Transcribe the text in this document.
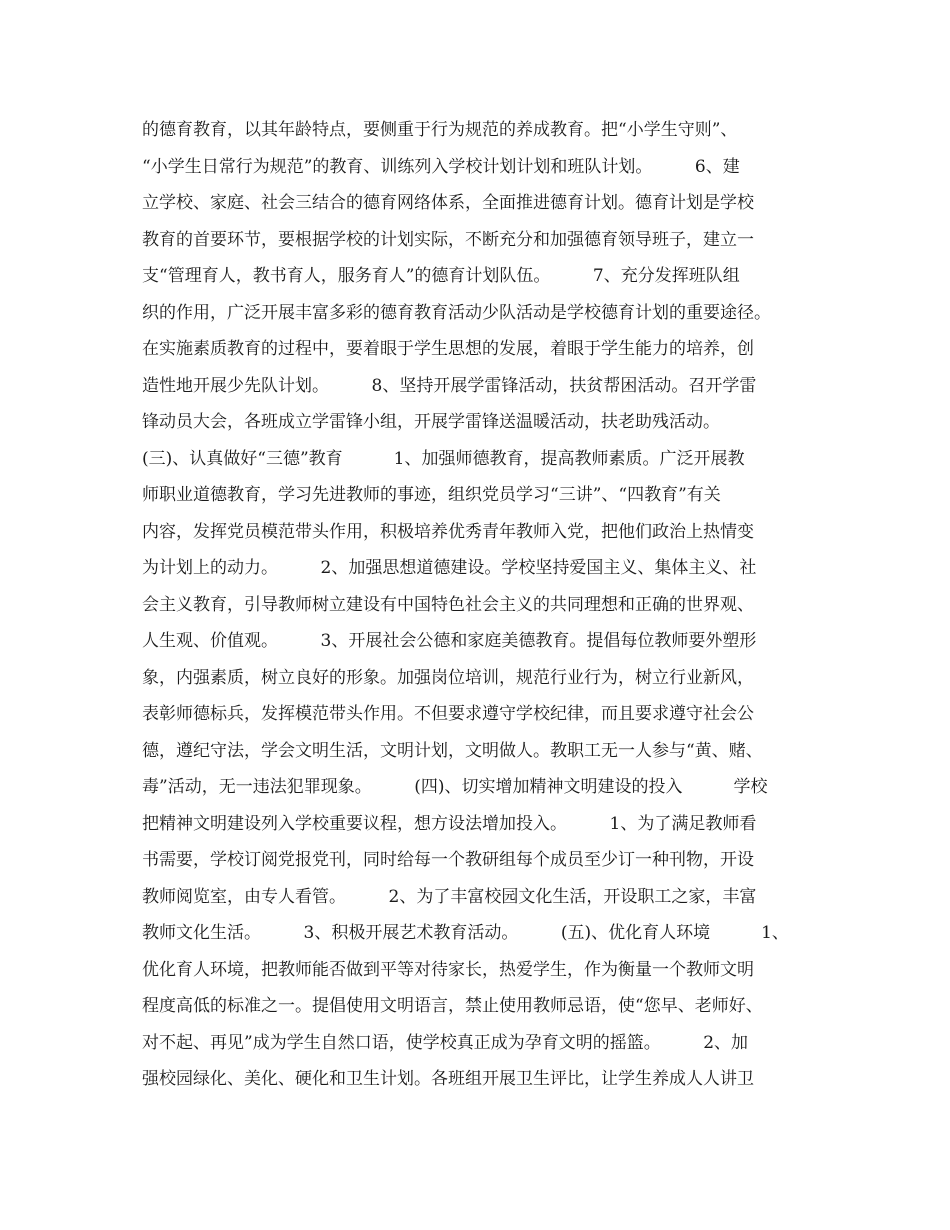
的德育教育，以其年龄特点，要侧重于行为规范的养成教育。把“小学生守则”、
“小学生日常行为规范”的教育、训练列入学校计划计划和班队计划。　　　6、建
立学校、家庭、社会三结合的德育网络体系，全面推进德育计划。德育计划是学校
教育的首要环节，要根据学校的计划实际，不断充分和加强德育领导班子，建立一
支“管理育人，教书育人，服务育人”的德育计划队伍。　　　7、充分发挥班队组
织的作用，广泛开展丰富多彩的德育教育活动少队活动是学校德育计划的重要途径。
在实施素质教育的过程中，要着眼于学生思想的发展，着眼于学生能力的培养，创
造性地开展少先队计划。　　　8、坚持开展学雷锋活动，扶贫帮困活动。召开学雷
锋动员大会，各班成立学雷锋小组，开展学雷锋送温暖活动，扶老助残活动。
(三)、认真做好“三德”教育　　　1、加强师德教育，提高教师素质。广泛开展教
师职业道德教育，学习先进教师的事迹，组织党员学习“三讲”、“四教育”有关
内容，发挥党员模范带头作用，积极培养优秀青年教师入党，把他们政治上热情变
为计划上的动力。　　　2、加强思想道德建设。学校坚持爱国主义、集体主义、社
会主义教育，引导教师树立建设有中国特色社会主义的共同理想和正确的世界观、
人生观、价值观。　　　3、开展社会公德和家庭美德教育。提倡每位教师要外塑形
象，内强素质，树立良好的形象。加强岗位培训，规范行业行为，树立行业新风，
表彰师德标兵，发挥模范带头作用。不但要求遵守学校纪律，而且要求遵守社会公
德，遵纪守法，学会文明生活，文明计划，文明做人。教职工无一人参与“黄、赌、
毒”活动，无一违法犯罪现象。　　　(四)、切实增加精神文明建设的投入　　　学校
把精神文明建设列入学校重要议程，想方设法增加投入。　　　1、为了满足教师看
书需要，学校订阅党报党刊，同时给每一个教研组每个成员至少订一种刊物，开设
教师阅览室，由专人看管。　　　2、为了丰富校园文化生活，开设职工之家，丰富
教师文化生活。　　　3、积极开展艺术教育活动。　　　(五)、优化育人环境　　　1、
优化育人环境，把教师能否做到平等对待家长，热爱学生，作为衡量一个教师文明
程度高低的标准之一。提倡使用文明语言，禁止使用教师忌语，使“您早、老师好、
对不起、再见”成为学生自然口语，使学校真正成为孕育文明的摇篮。　　　2、加
强校园绿化、美化、硬化和卫生计划。各班组开展卫生评比，让学生养成人人讲卫
